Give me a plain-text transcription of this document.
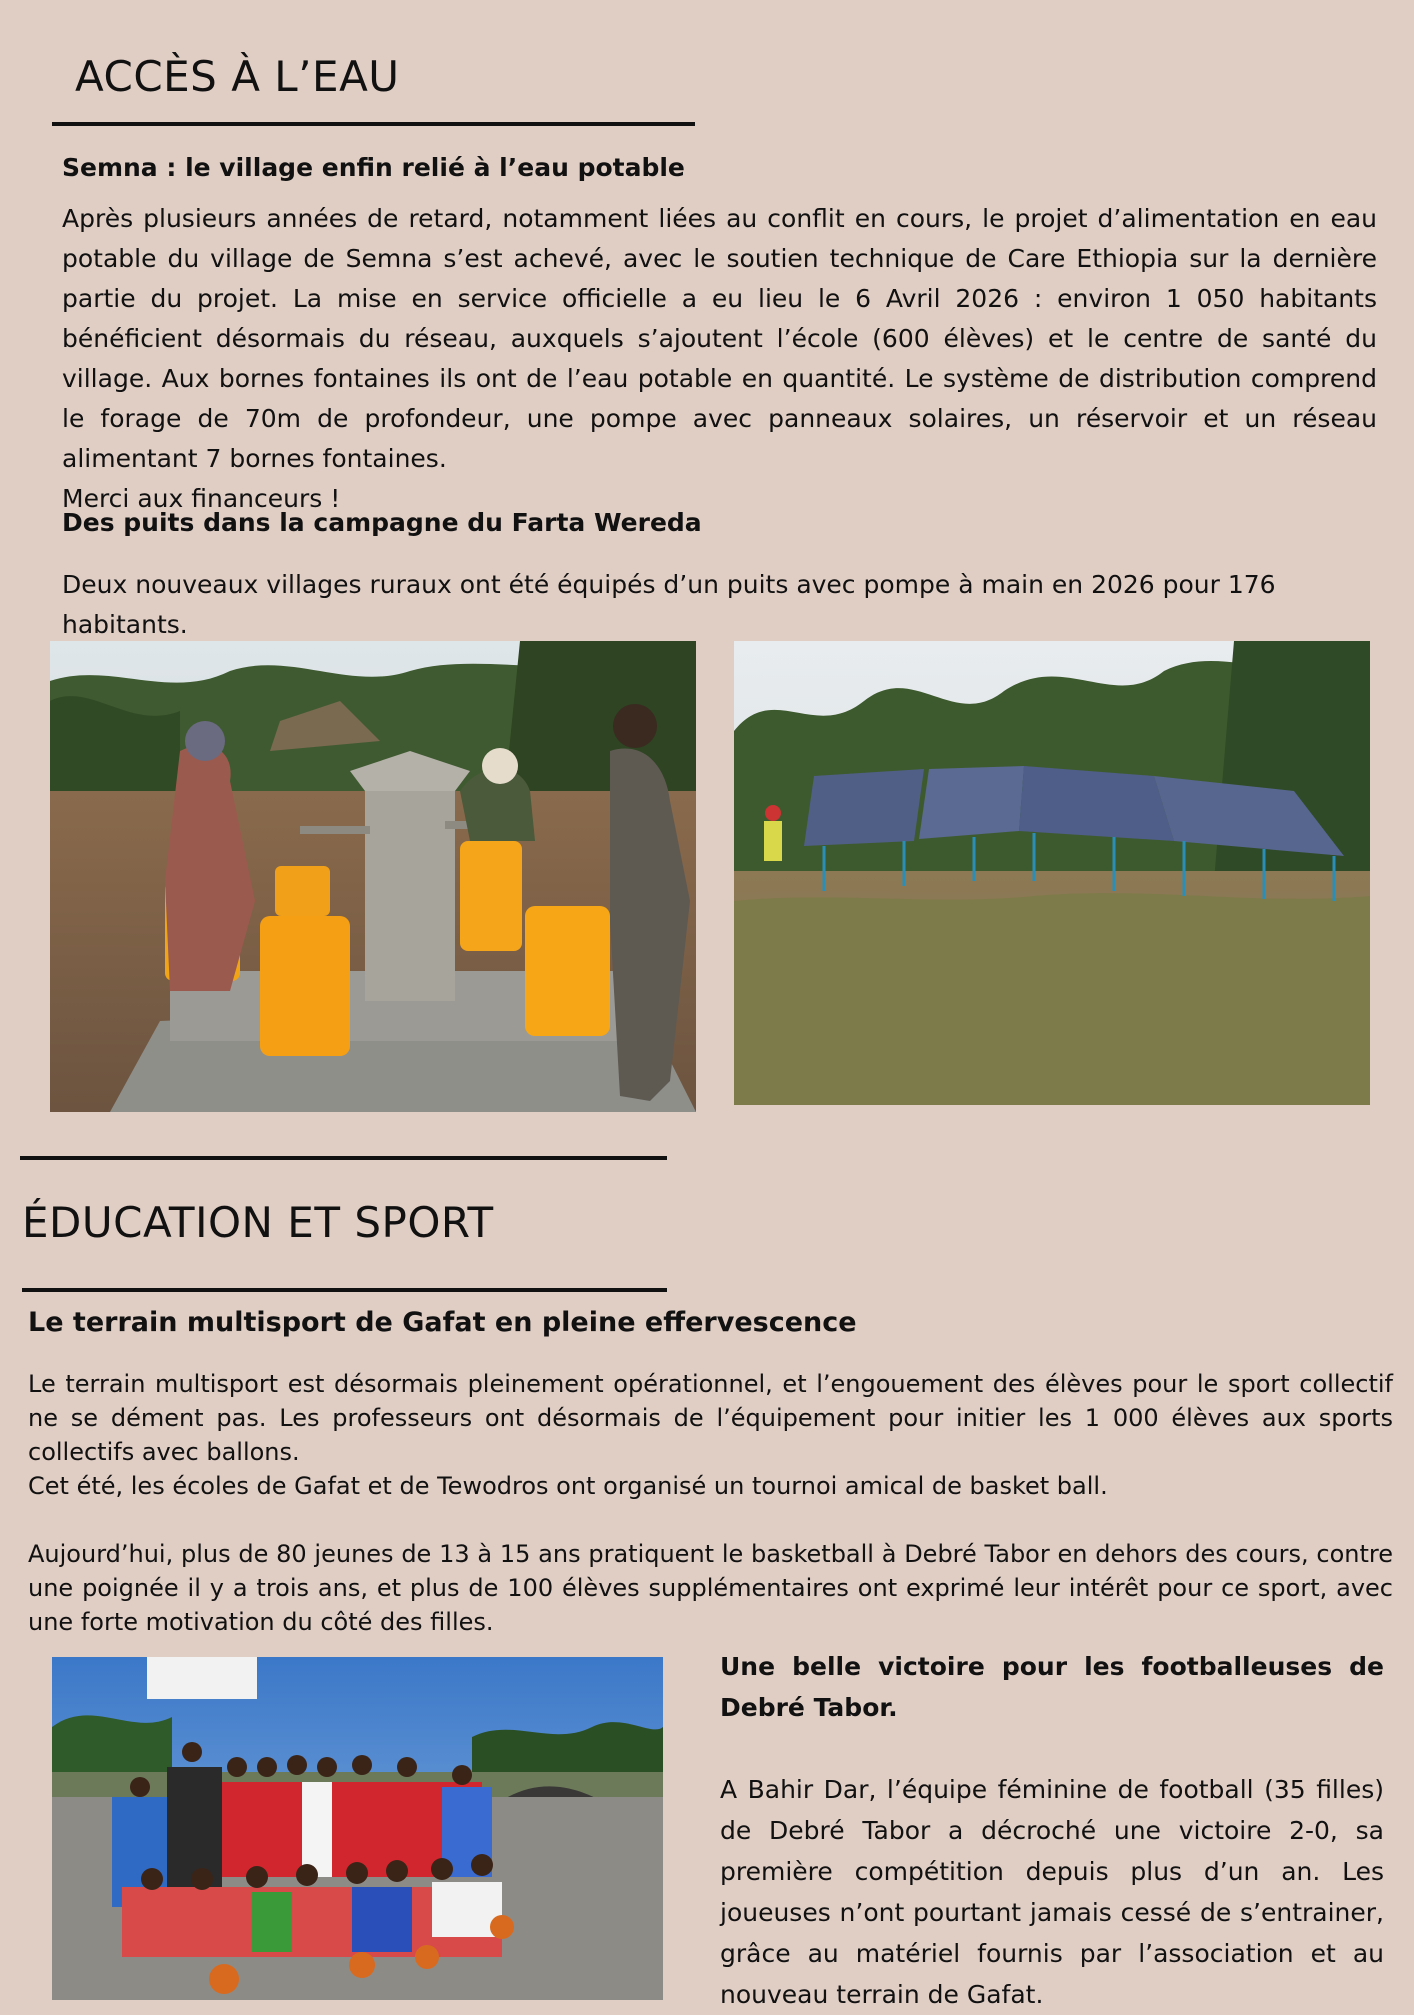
ACCÈS À L’EAU

Semna : le village enfin relié à l’eau potable

Après plusieurs années de retard, notamment liées au conflit en cours, le projet d’alimentation en eau potable du village de Semna s’est achevé, avec le soutien technique de Care Ethiopia sur la dernière partie du projet. La mise en service officielle a eu lieu le 6 Avril 2026 : environ 1 050 habitants bénéficient désormais du réseau, auxquels s’ajoutent l’école (600 élèves) et le centre de santé du village. Aux bornes fontaines ils ont de l’eau potable en quantité. Le système de distribution comprend le forage de 70m de profondeur, une pompe avec panneaux solaires, un réservoir et un réseau alimentant 7 bornes fontaines.

Merci aux financeurs !

Des puits dans la campagne du Farta Wereda

Deux nouveaux villages ruraux ont été équipés d’un puits avec pompe à main en 2026 pour 176 habitants.

ÉDUCATION ET SPORT

Le terrain multisport de Gafat en pleine effervescence

Le terrain multisport est désormais pleinement opérationnel, et l’engouement des élèves pour le sport collectif ne se dément pas. Les professeurs ont désormais de l’équipement pour initier les 1 000 élèves aux sports collectifs avec ballons.

Cet été, les écoles de Gafat et de Tewodros ont organisé un tournoi amical de basket ball.

Aujourd’hui, plus de 80 jeunes de 13 à 15 ans pratiquent le basketball à Debré Tabor en dehors des cours, contre une poignée il y a trois ans, et plus de 100 élèves supplémentaires ont exprimé leur intérêt pour ce sport, avec une forte motivation du côté des filles.

Une belle victoire pour les footballeuses de Debré Tabor.

A Bahir Dar, l’équipe féminine de football (35 filles) de Debré Tabor a décroché une victoire 2-0, sa première compétition depuis plus d’un an. Les joueuses n’ont pourtant jamais cessé de s’entrainer, grâce au matériel fournis par l’association et au nouveau terrain de Gafat.
